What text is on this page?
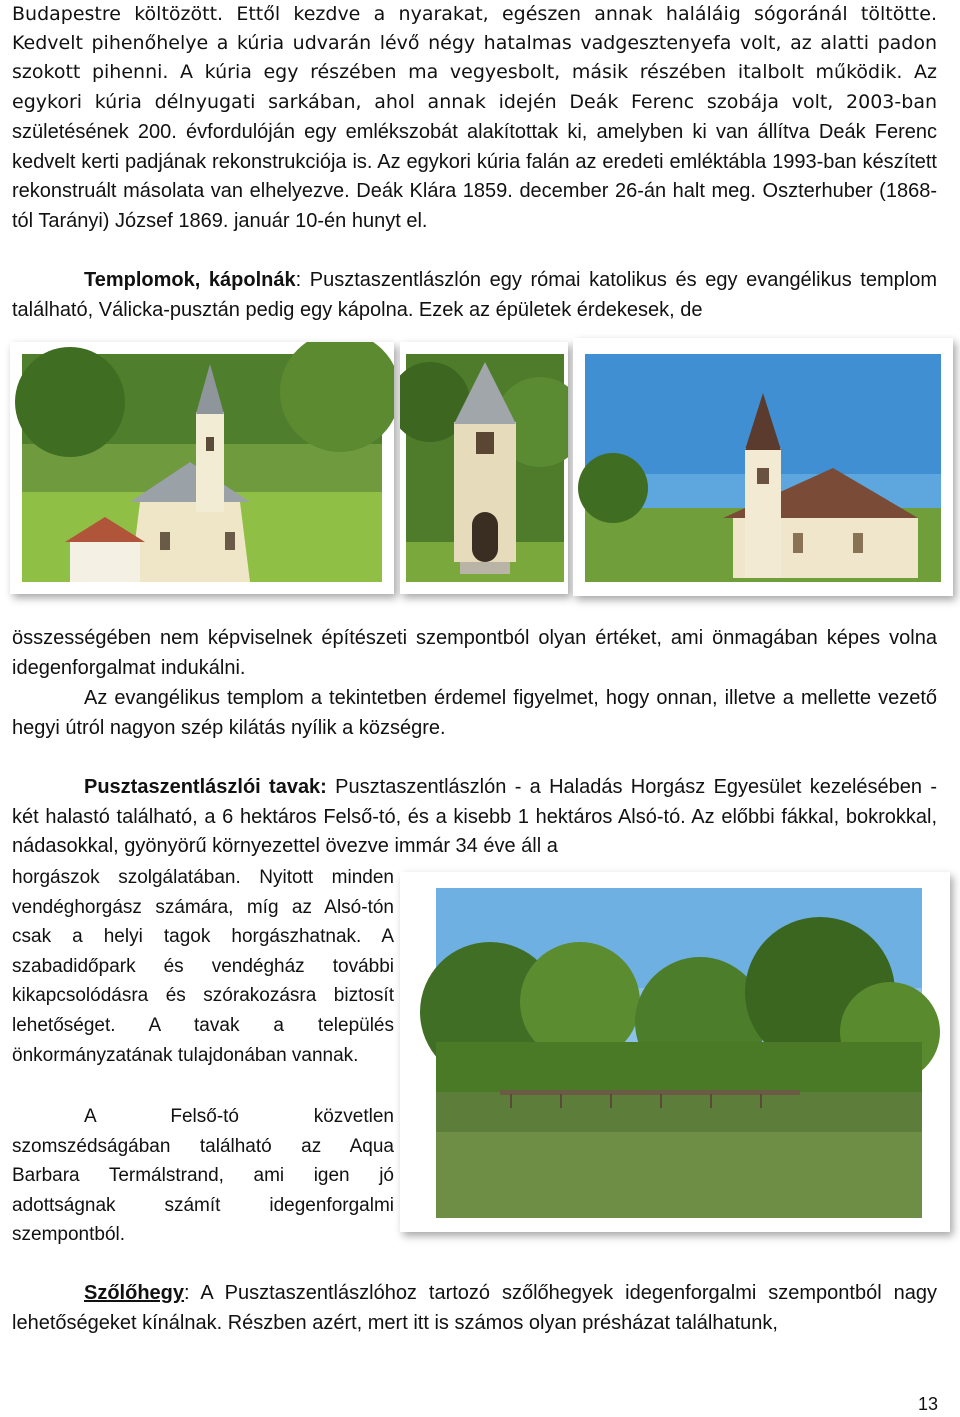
Budapestre költözött. Ettől kezdve a nyarakat, egészen annak haláláig sógoránál töltötte.

Kedvelt pihenőhelye a kúria udvarán lévő négy hatalmas vadgesztenyefa volt, az alatti padon

szokott pihenni. A kúria egy részében ma vegyesbolt, másik részében italbolt működik. Az

egykori kúria délnyugati sarkában, ahol annak idején Deák Ferenc szobája volt, 2003-ban

születésének 200. évfordulóján egy emlékszobát alakítottak ki, amelyben ki van állítva Deák Ferenc kedvelt kerti padjának rekonstrukciója is. Az egykori kúria falán az eredeti emléktábla 1993-ban készített rekonstruált másolata van elhelyezve. Deák Klára 1859. december 26-án halt meg. Oszterhuber (1868-tól Tarányi) József 1869. január 10-én hunyt el.

Templomok, kápolnák: Pusztaszentlászlón egy római katolikus és egy evangélikus templom található, Válicka-pusztán pedig egy kápolna. Ezek az épületek érdekesek, de

összességében nem képviselnek építészeti szempontból olyan értéket, ami önmagában képes volna idegenforgalmat indukálni.

Az evangélikus templom a tekintetben érdemel figyelmet, hogy onnan, illetve a mellette vezető hegyi útról nagyon szép kilátás nyílik a községre.

Pusztaszentlászlói tavak: Pusztaszentlászlón - a Haladás Horgász Egyesület kezelésében - két halastó található, a 6 hektáros Felső-tó, és a kisebb 1 hektáros Alsó-tó. Az előbbi fákkal, bokrokkal, nádasokkal, gyönyörű környezettel övezve immár 34 éve áll a

horgászok szolgálatában. Nyitott minden vendéghorgász számára, míg az Alsó-tón csak a helyi tagok horgászhatnak. A szabadidőpark és vendégház további kikapcsolódásra és szórakozásra biztosít lehetőséget. A tavak a település önkormányzatának tulajdonában vannak.

A Felső-tó közvetlen szomszédságában található az Aqua Barbara Termálstrand, ami igen jó adottságnak számít idegenforgalmi szempontból.

Szőlőhegy: A Pusztaszentlászlóhoz tartozó szőlőhegyek idegenforgalmi szempontból nagy lehetőségeket kínálnak. Részben azért, mert itt is számos olyan présházat találhatunk,

13
